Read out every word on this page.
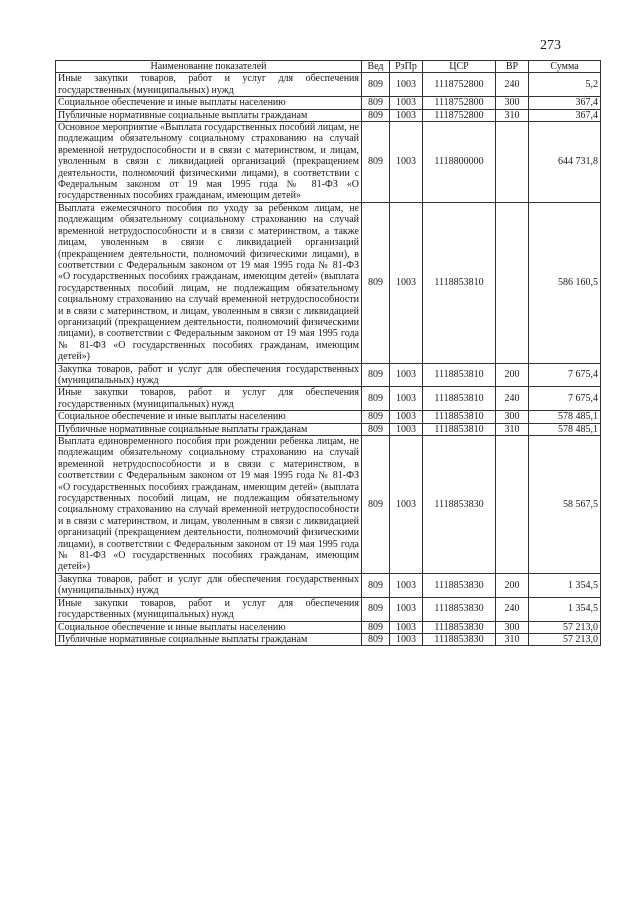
273
Наименование показателей	Вед	РзПр	ЦСР	ВР	Сумма
Иные закупки товаров, работ и услуг для обеспечения государственных (муниципальных) нужд	809	1003	1118752800	240	5,2
Социальное обеспечение и иные выплаты населению	809	1003	1118752800	300	367,4
Публичные нормативные социальные выплаты гражданам	809	1003	1118752800	310	367,4
Основное мероприятие «Выплата государственных пособий лицам, не подлежащим обязательному социальному страхованию на случай временной нетрудоспособности и в связи с материнством, и лицам, уволенным в связи с ликвидацией организаций (прекращением деятельности, полномочий физическими лицами), в соответствии с Федеральным законом от 19 мая 1995 года № 81-ФЗ «О государственных пособиях гражданам, имеющим детей»	809	1003	1118800000		644 731,8
Выплата ежемесячного пособия по уходу за ребенком лицам, не подлежащим обязательному социальному страхованию на случай временной нетрудоспособности и в связи с материнством, а также лицам, уволенным в связи с ликвидацией организаций (прекращением деятельности, полномочий физическими лицами), в соответствии с Федеральным законом от 19 мая 1995 года № 81-ФЗ «О государственных пособиях гражданам, имеющим детей» (выплата государственных пособий лицам, не подлежащим обязательному социальному страхованию на случай временной нетрудоспособности и в связи с материнством, и лицам, уволенным в связи с ликвидацией организаций (прекращением деятельности, полномочий физическими лицами), в соответствии с Федеральным законом от 19 мая 1995 года № 81-ФЗ «О государственных пособиях гражданам, имеющим детей»)	809	1003	1118853810		586 160,5
Закупка товаров, работ и услуг для обеспечения государственных (муниципальных) нужд	809	1003	1118853810	200	7 675,4
Иные закупки товаров, работ и услуг для обеспечения государственных (муниципальных) нужд	809	1003	1118853810	240	7 675,4
Социальное обеспечение и иные выплаты населению	809	1003	1118853810	300	578 485,1
Публичные нормативные социальные выплаты гражданам	809	1003	1118853810	310	578 485,1
Выплата единовременного пособия при рождении ребенка лицам, не подлежащим обязательному социальному страхованию на случай временной нетрудоспособности и в связи с материнством, в соответствии с Федеральным законом от 19 мая 1995 года № 81-ФЗ «О государственных пособиях гражданам, имеющим детей» (выплата государственных пособий лицам, не подлежащим обязательному социальному страхованию на случай временной нетрудоспособности и в связи с материнством, и лицам, уволенным в связи с ликвидацией организаций (прекращением деятельности, полномочий физическими лицами), в соответствии с Федеральным законом от 19 мая 1995 года № 81-ФЗ «О государственных пособиях гражданам, имеющим детей»)	809	1003	1118853830		58 567,5
Закупка товаров, работ и услуг для обеспечения государственных (муниципальных) нужд	809	1003	1118853830	200	1 354,5
Иные закупки товаров, работ и услуг для обеспечения государственных (муниципальных) нужд	809	1003	1118853830	240	1 354,5
Социальное обеспечение и иные выплаты населению	809	1003	1118853830	300	57 213,0
Публичные нормативные социальные выплаты гражданам	809	1003	1118853830	310	57 213,0
